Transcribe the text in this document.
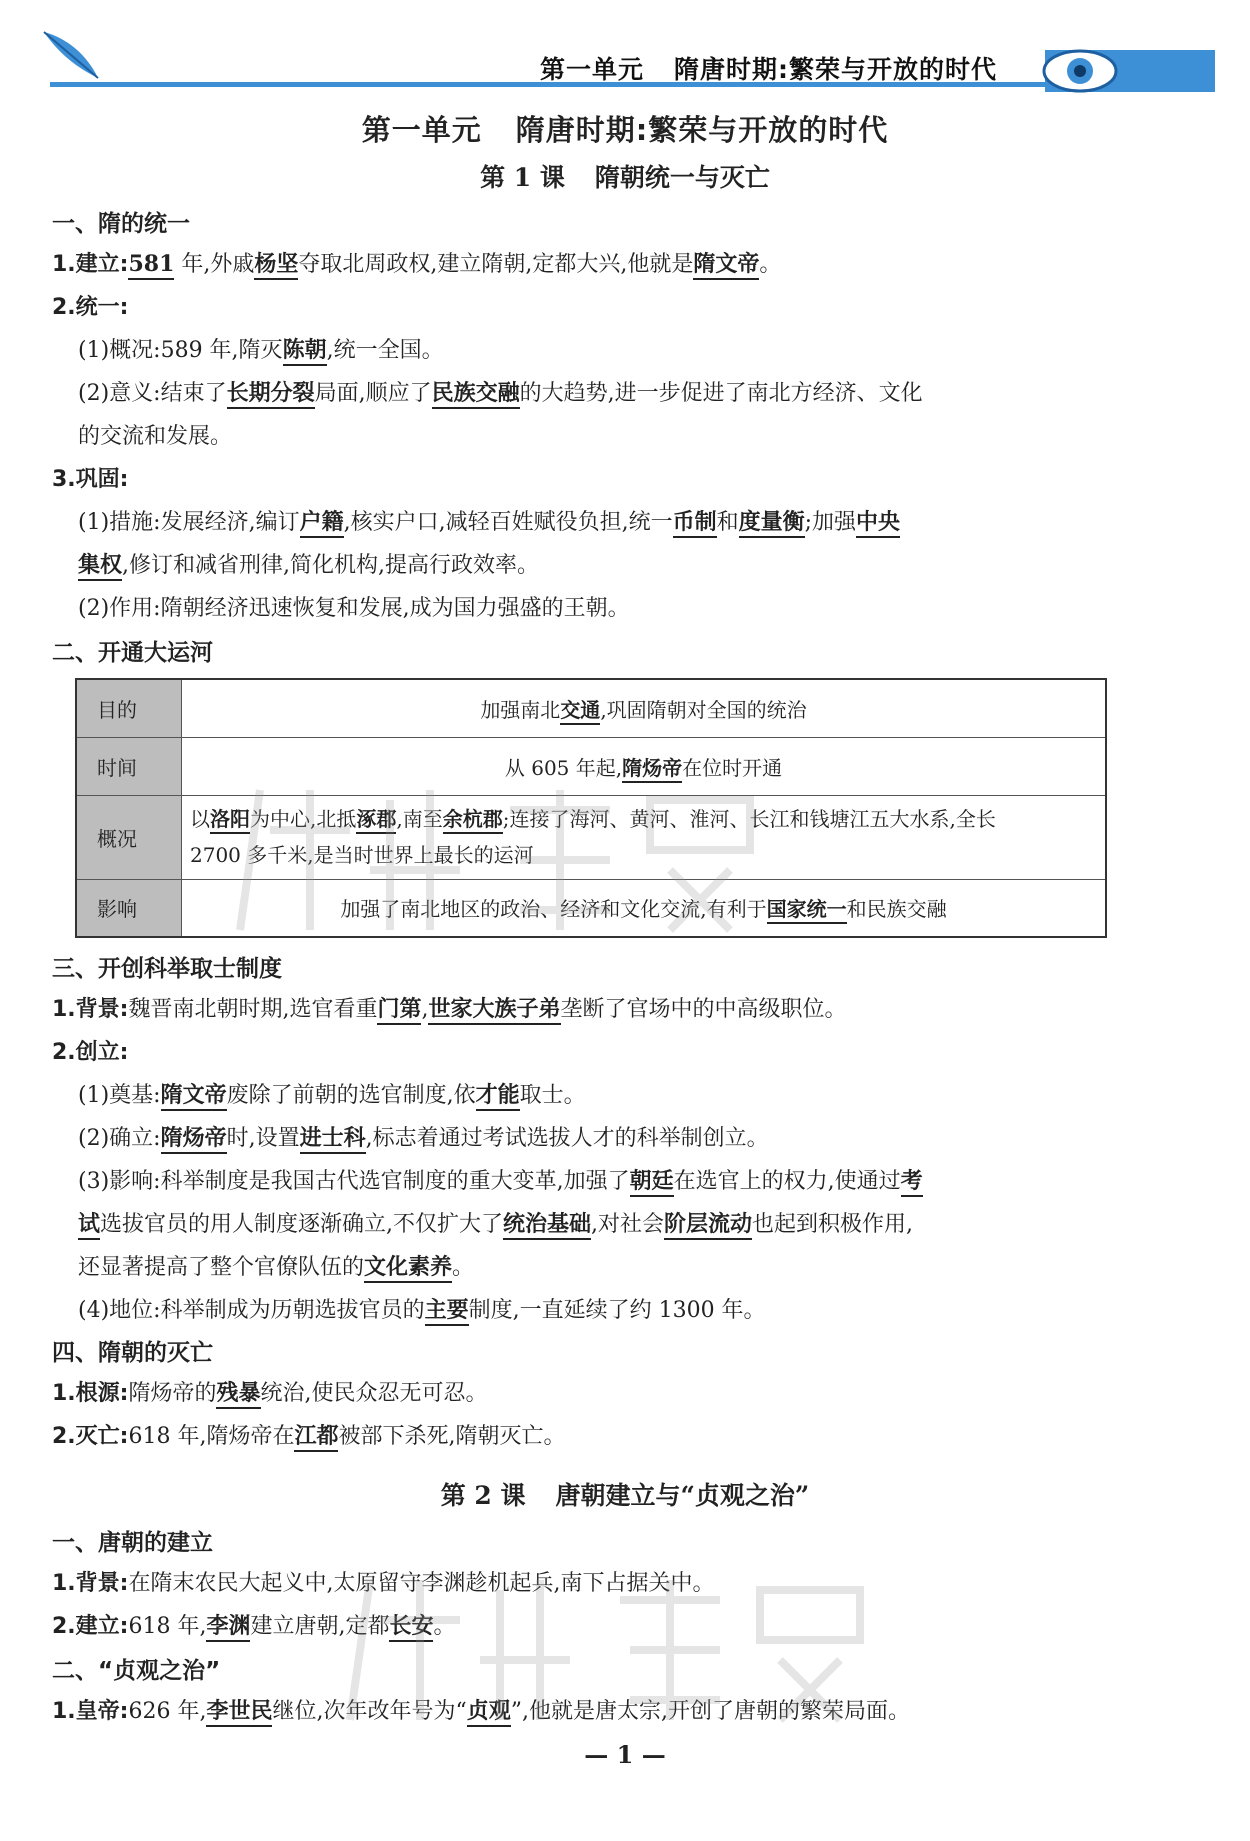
第一单元 隋唐时期:繁荣与开放的时代
第一单元 隋唐时期:繁荣与开放的时代
第 1 课 隋朝统一与灭亡
一、隋的统一
1.建立:581 年,外戚杨坚夺取北周政权,建立隋朝,定都大兴,他就是隋文帝。
2.统一:
(1)概况:589 年,隋灭陈朝,统一全国。
(2)意义:结束了长期分裂局面,顺应了民族交融的大趋势,进一步促进了南北方经济、文化
的交流和发展。
3.巩固:
(1)措施:发展经济,编订户籍,核实户口,减轻百姓赋役负担,统一币制和度量衡;加强中央
集权,修订和减省刑律,简化机构,提高行政效率。
(2)作用:隋朝经济迅速恢复和发展,成为国力强盛的王朝。
二、开通大运河
目的	加强南北交通,巩固隋朝对全国的统治
时间	从 605 年起,隋炀帝在位时开通
概况	以洛阳为中心,北抵涿郡,南至余杭郡;连接了海河、黄河、淮河、长江和钱塘江五大水系,全长
2700 多千米,是当时世界上最长的运河
影响	加强了南北地区的政治、经济和文化交流,有利于国家统一和民族交融
三、开创科举取士制度
1.背景:魏晋南北朝时期,选官看重门第,世家大族子弟垄断了官场中的中高级职位。
2.创立:
(1)奠基:隋文帝废除了前朝的选官制度,依才能取士。
(2)确立:隋炀帝时,设置进士科,标志着通过考试选拔人才的科举制创立。
(3)影响:科举制度是我国古代选官制度的重大变革,加强了朝廷在选官上的权力,使通过考
试选拔官员的用人制度逐渐确立,不仅扩大了统治基础,对社会阶层流动也起到积极作用,
还显著提高了整个官僚队伍的文化素养。
(4)地位:科举制成为历朝选拔官员的主要制度,一直延续了约 1300 年。
四、隋朝的灭亡
1.根源:隋炀帝的残暴统治,使民众忍无可忍。
2.灭亡:618 年,隋炀帝在江都被部下杀死,隋朝灭亡。
第 2 课 唐朝建立与“贞观之治”
一、唐朝的建立
1.背景:在隋末农民大起义中,太原留守李渊趁机起兵,南下占据关中。
2.建立:618 年,李渊建立唐朝,定都长安。
二、“贞观之治”
1.皇帝:626 年,李世民继位,次年改年号为“贞观”,他就是唐太宗,开创了唐朝的繁荣局面。
— 1 —
